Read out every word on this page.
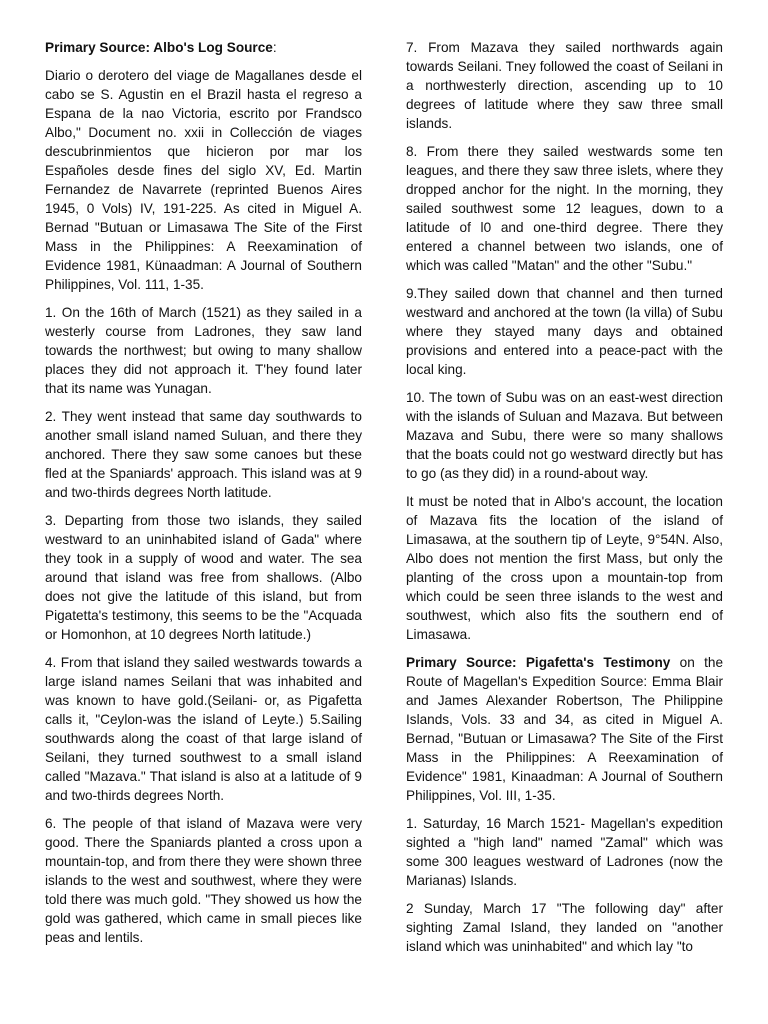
Primary Source: Albo's Log Source:

Diario o derotero del viage de Magallanes desde el cabo se S. Agustin en el Brazil hasta el regreso a Espana de la nao Victoria, escrito por Frandsco Albo," Document no. xxii in Collección de viages descubrinmientos que hicieron por mar los Españoles desde fines del siglo XV, Ed. Martin Fernandez de Navarrete (reprinted Buenos Aires 1945, 0 Vols) IV, 191-225. As cited in Miguel A. Bernad "Butuan or Limasawa The Site of the First Mass in the Philippines: A Reexamination of Evidence 1981, Künaadman: A Journal of Southern Philippines, Vol. 111, 1-35.

1. On the 16th of March (1521) as they sailed in a westerly course from Ladrones, they saw land towards the northwest; but owing to many shallow places they did not approach it. T'hey found later that its name was Yunagan.

2. They went instead that same day southwards to another small island named Suluan, and there they anchored. There they saw some canoes but these fled at the Spaniards' approach. This island was at 9 and two-thirds degrees North latitude.

3. Departing from those two islands, they sailed westward to an uninhabited island of Gada" where they took in a supply of wood and water. The sea around that island was free from shallows. (Albo does not give the latitude of this island, but from Pigatetta's testimony, this seems to be the "Acquada or Homonhon, at 10 degrees North latitude.)

4. From that island they sailed westwards towards a large island names Seilani that was inhabited and was known to have gold.(Seilani- or, as Pigafetta calls it, "Ceylon-was the island of Leyte.) 5.Sailing southwards along the coast of that large island of Seilani, they turned southwest to a small island called "Mazava." That island is also at a latitude of 9 and two-thirds degrees North.

6. The people of that island of Mazava were very good. There the Spaniards planted a cross upon a mountain-top, and from there they were shown three islands to the west and southwest, where they were told there was much gold. "They showed us how the gold was gathered, which came in small pieces like peas and lentils.

7. From Mazava they sailed northwards again towards Seilani. Tney followed the coast of Seilani in a northwesterly direction, ascending up to 10 degrees of latitude where they saw three small islands.

8. From there they sailed westwards some ten leagues, and there they saw three islets, where they dropped anchor for the night. In the morning, they sailed southwest some 12 leagues, down to a latitude of l0 and one-third degree. There they entered a channel between two islands, one of which was called "Matan" and the other "Subu."

9.They sailed down that channel and then turned westward and anchored at the town (la villa) of Subu where they stayed many days and obtained provisions and entered into a peace-pact with the local king.

10. The town of Subu was on an east-west direction with the islands of Suluan and Mazava. But between Mazava and Subu, there were so many shallows that the boats could not go westward directly but has to go (as they did) in a round-about way.

It must be noted that in Albo's account, the location of Mazava fits the location of the island of Limasawa, at the southern tip of Leyte, 9°54N. Also, Albo does not mention the first Mass, but only the planting of the cross upon a mountain-top from which could be seen three islands to the west and southwest, which also fits the southern end of Limasawa.

Primary Source: Pigafetta's Testimony on the Route of Magellan's Expedition Source: Emma Blair and James Alexander Robertson, The Philippine Islands, Vols. 33 and 34, as cited in Miguel A. Bernad, "Butuan or Limasawa? The Site of the First Mass in the Philippines: A Reexamination of Evidence" 1981, Kinaadman: A Journal of Southern Philippines, Vol. III, 1-35.

1. Saturday, 16 March 1521- Magellan's expedition sighted a "high land" named "Zamal" which was some 300 leagues westward of Ladrones (now the Marianas) Islands.

2 Sunday, March 17 "The following day" after sighting Zamal Island, they landed on "another island which was uninhabited" and which lay "to
